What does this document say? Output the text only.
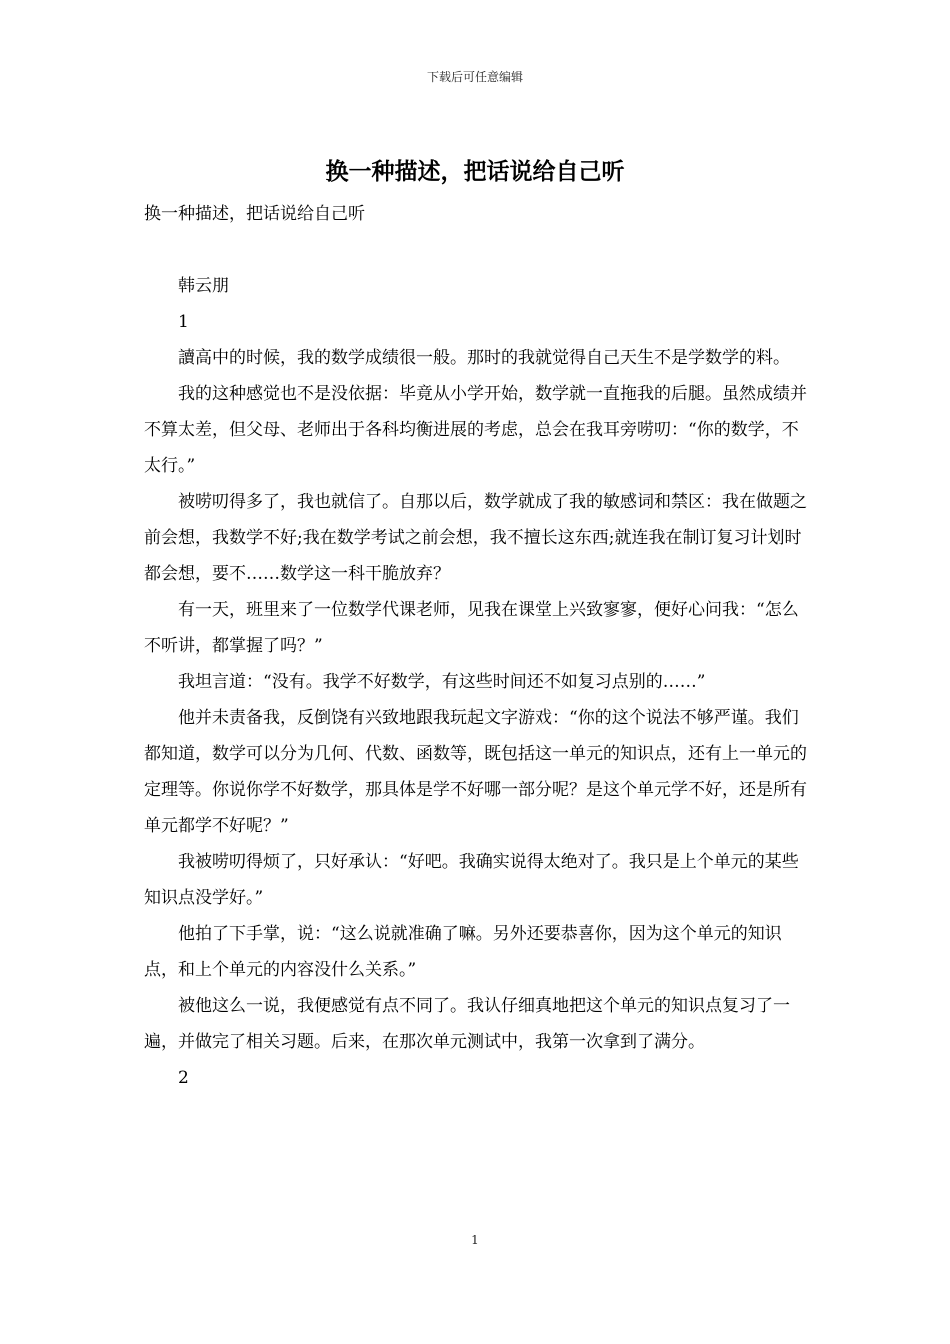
下载后可任意编辑
换一种描述，把话说给自己听

换一种描述，把话说给自己听

韩云朋

1

讀高中的时候，我的数学成绩很一般。那时的我就觉得自己天生不是学数学的料。

我的这种感觉也不是没依据：毕竟从小学开始，数学就一直拖我的后腿。虽然成绩并不算太差，但父母、老师出于各科均衡进展的考虑，总会在我耳旁唠叨：“你的数学，不太行。”

被唠叨得多了，我也就信了。自那以后，数学就成了我的敏感词和禁区：我在做题之前会想，我数学不好;我在数学考试之前会想，我不擅长这东西;就连我在制订复习计划时都会想，要不……数学这一科干脆放弃？

有一天，班里来了一位数学代课老师，见我在课堂上兴致寥寥，便好心问我：“怎么不听讲，都掌握了吗？”

我坦言道：“没有。我学不好数学，有这些时间还不如复习点别的……”

他并未责备我，反倒饶有兴致地跟我玩起文字游戏：“你的这个说法不够严谨。我们都知道，数学可以分为几何、代数、函数等，既包括这一单元的知识点，还有上一单元的定理等。你说你学不好数学，那具体是学不好哪一部分呢？是这个单元学不好，还是所有单元都学不好呢？”

我被唠叨得烦了，只好承认：“好吧。我确实说得太绝对了。我只是上个单元的某些知识点没学好。”

他拍了下手掌，说：“这么说就准确了嘛。另外还要恭喜你，因为这个单元的知识点，和上个单元的内容没什么关系。”

被他这么一说，我便感觉有点不同了。我认仔细真地把这个单元的知识点复习了一遍，并做完了相关习题。后来，在那次单元测试中，我第一次拿到了满分。

2

1
